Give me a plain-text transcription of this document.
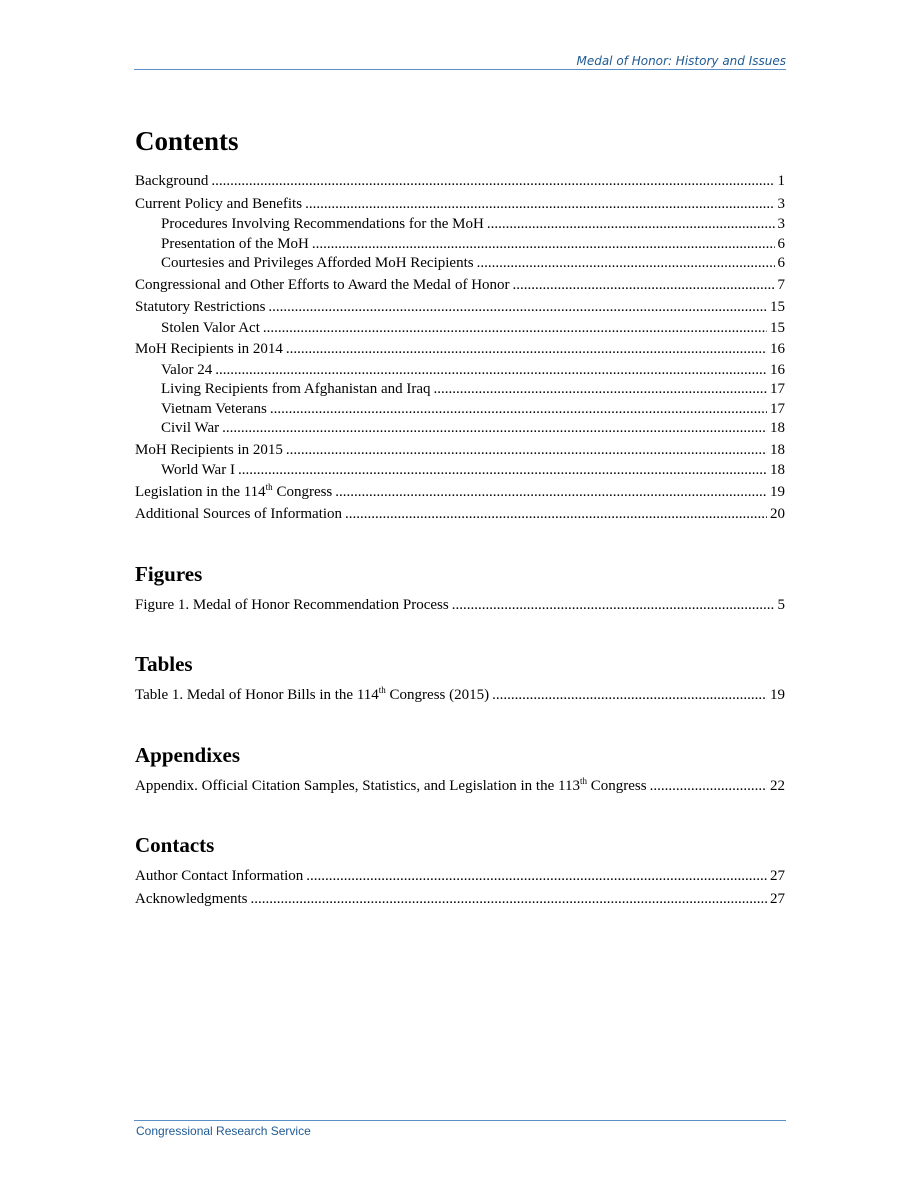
Medal of Honor: History and Issues
Contents
Background .....	1
Current Policy and Benefits .....	3
Procedures Involving Recommendations for the MoH .....	3
Presentation of the MoH .....	6
Courtesies and Privileges Afforded MoH Recipients .....	6
Congressional and Other Efforts to Award the Medal of Honor .....	7
Statutory Restrictions .....	15
Stolen Valor Act .....	15
MoH Recipients in 2014 .....	16
Valor 24 .....	16
Living Recipients from Afghanistan and Iraq .....	17
Vietnam Veterans .....	17
Civil War .....	18
MoH Recipients in 2015 .....	18
World War I .....	18
Legislation in the 114th Congress .....	19
Additional Sources of Information .....	20
Figures
Figure 1. Medal of Honor Recommendation Process .....	5
Tables
Table 1. Medal of Honor Bills in the 114th Congress (2015) .....	19
Appendixes
Appendix. Official Citation Samples, Statistics, and Legislation in the 113th Congress .....	22
Contacts
Author Contact Information .....	27
Acknowledgments .....	27
Congressional Research Service
